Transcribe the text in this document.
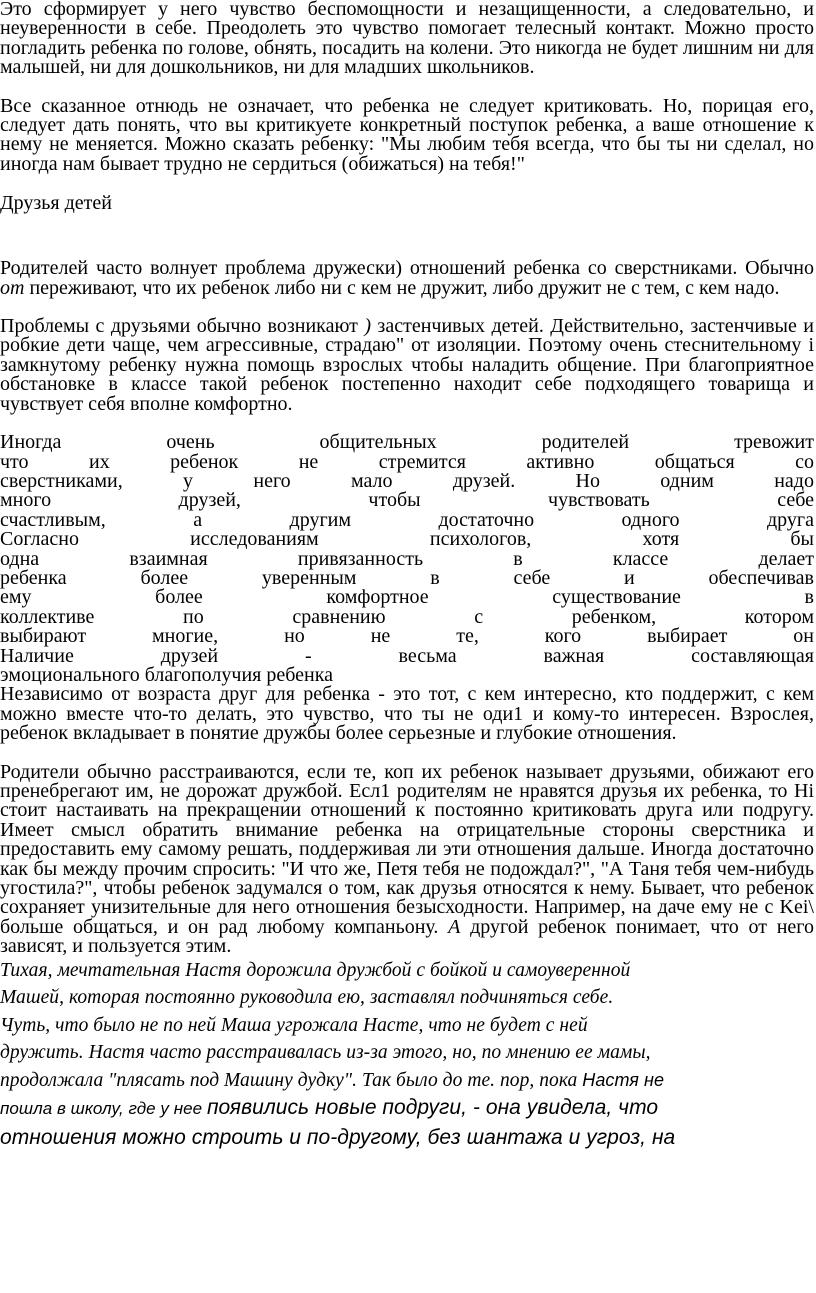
Это сформирует у него чувство беспомощности и незащищенности, а следовательно, и неуверенности в себе. Преодолеть это чувство помогает телесный контакт. Можно просто погладить ребенка по голове, обнять, посадить на колени. Это никогда не будет лишним ни для малышей, ни для дошкольников, ни для младших школьников.

Все сказанное отнюдь не означает, что ребенка не следует критиковать. Но, порицая его, следует дать понять, что вы критикуете конкретный поступок ребенка, а ваше отношение к нему не меняется. Можно сказать ребенку: "Мы любим тебя всегда, что бы ты ни сделал, но иногда нам бывает трудно не сердиться (обижаться) на тебя!"

Друзья детей

Родителей часто волнует проблема дружески) отношений ребенка со сверстниками. Обычно от переживают, что их ребенок либо ни с кем не дружит, либо дружит не с тем, с кем надо.

Проблемы с друзьями обычно возникают ) застенчивых детей. Действительно, застенчивые и робкие дети чаще, чем агрессивные, страдаю" от изоляции. Поэтому очень стеснительному і замкнутому ребенку нужна помощь взрослых чтобы наладить общение. При благоприятное обстановке в классе такой ребенок постепенно находит себе подходящего товарища и чувствует себя вполне комфортно.

Иногда очень общительных родителей тревожит
что их ребенок не стремится активно общаться со
сверстниками, у него мало друзей. Но одним надо
много друзей, чтобы чувствовать себе
счастливым, а другим достаточно одного друга
Согласно исследованиям психологов, хотя бы
одна взаимная привязанность в классе делает
ребенка более уверенным в себе и обеспечивав
ему более комфортное существование в
коллективе по сравнению с ребенком, котором
выбирают многие, но не те, кого выбирает он
Наличие друзей - весьма важная составляющая
эмоционального благополучия ребенка

Независимо от возраста друг для ребенка - это тот, с кем интересно, кто поддержит, с кем можно вместе что-то делать, это чувство, что ты не оди1 и кому-то интересен. Взрослея, ребенок вкладывает в понятие дружбы более серьезные и глубокие отношения.

Родители обычно расстраиваются, если те, коп их ребенок называет друзьями, обижают его пренебрегают им, не дорожат дружбой. Есл1 родителям не нравятся друзья их ребенка, то Ні стоит настаивать на прекращении отношений к постоянно критиковать друга или подругу. Имеет смысл обратить внимание ребенка на отрицательные стороны сверстника и предоставить ему самому решать, поддерживая ли эти отношения дальше. Иногда достаточно как бы между прочим спросить: "И что же, Петя тебя не подождал?", "А Таня тебя чем-нибудь угостила?", чтобы ребенок задумался о том, как друзья относятся к нему. Бывает, что ребенок сохраняет унизительные для него отношения безысходности. Например, на даче ему не с Kei\ больше общаться, и он рад любому компаньону. А другой ребенок понимает, что от него зависят, и пользуется этим.

Тихая, мечтательная Настя дорожила дружбой с бойкой и самоуверенной
Машей, которая постоянно руководила ею, заставлял подчиняться себе.
Чуть, что было не по ней Маша угрожала Насте, что не будет с ней
дружить. Настя часто расстраивалась из-за этого, но, по мнению ее мамы,
продолжала "плясать под Машину дудку". Так было до те. пор, пока Настя не
пошла в школу, где у нее появились новые подруги, - она увидела, что
отношения можно строить и по-другому, без шантажа и угроз, на
